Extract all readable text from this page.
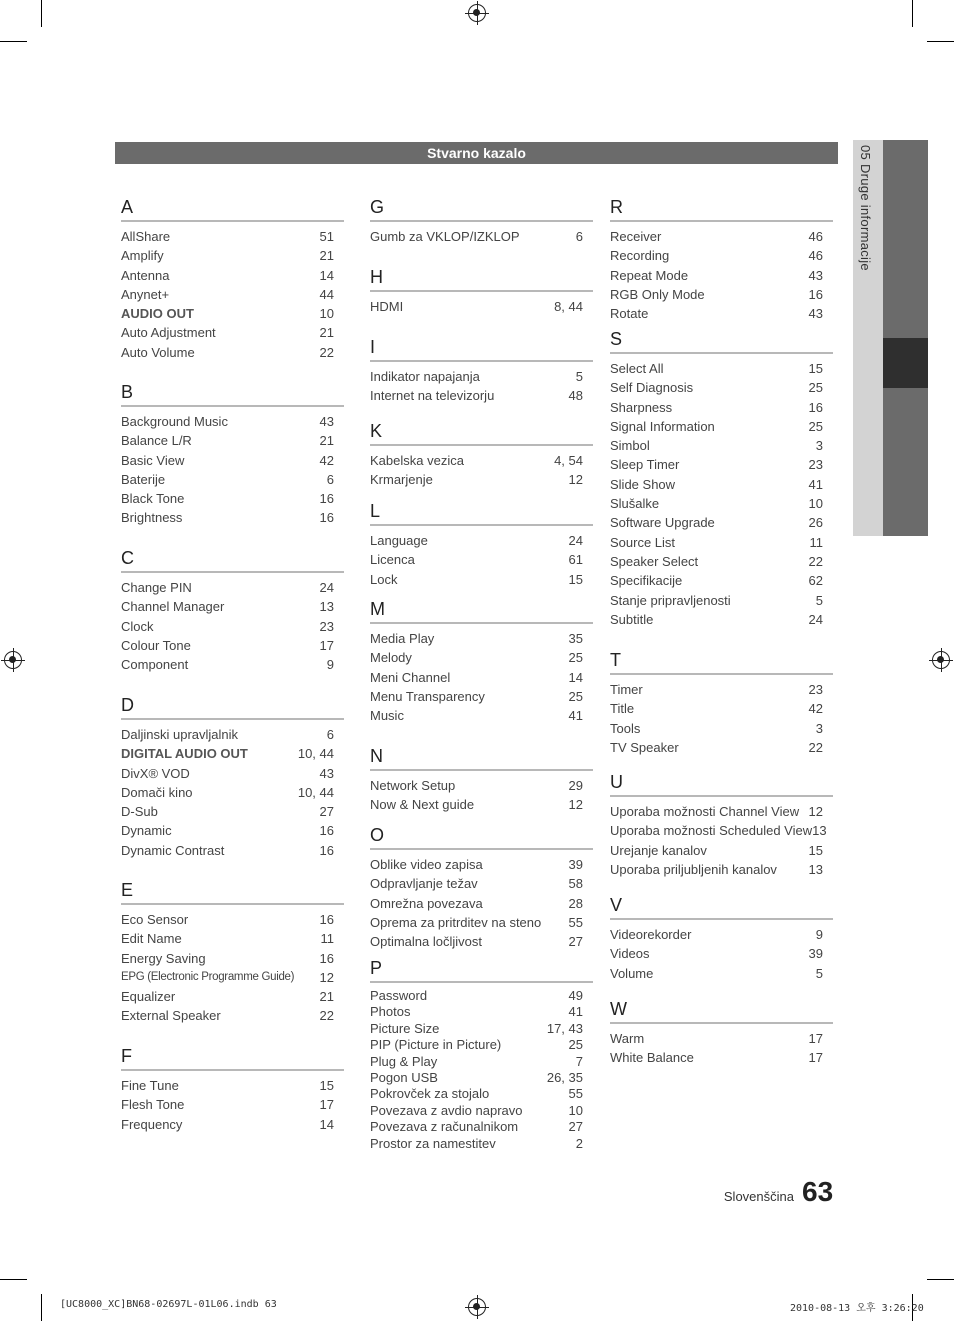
05 Druge informacije
Stvarno kazalo
A
AllShare	51
Amplify	21
Antenna	14
Anynet+	44
AUDIO OUT	10
Auto Adjustment	21
Auto Volume	22
B
Background Music	43
Balance L/R	21
Basic View	42
Baterije	6
Black Tone	16
Brightness	16
C
Change PIN	24
Channel Manager	13
Clock	23
Colour Tone	17
Component	9
D
Daljinski upravljalnik	6
DIGITAL AUDIO OUT	10, 44
DivX® VOD	43
Domači kino	10, 44
D-Sub	27
Dynamic	16
Dynamic Contrast	16
E
Eco Sensor	16
Edit Name	11
Energy Saving	16
EPG (Electronic Programme Guide) 12
Equalizer	21
External Speaker	22
F
Fine Tune	15
Flesh Tone	17
Frequency	14
G
Gumb za VKLOP/IZKLOP	6
H
HDMI	8, 44
I
Indikator napajanja	5
Internet na televizorju	48
K
Kabelska vezica	4, 54
Krmarjenje	12
L
Language	24
Licenca	61
Lock	15
M
Media Play	35
Melody	25
Meni Channel	14
Menu Transparency	25
Music	41
N
Network Setup	29
Now & Next guide	12
O
Oblike video zapisa	39
Odpravljanje težav	58
Omrežna povezava	28
Oprema za pritrditev na steno 55
Optimalna ločljivost	27
P
Password	49
Photos	41
Picture Size	17, 43
PIP (Picture in Picture)	25
Plug & Play	7
Pogon USB	26, 35
Pokrovček za stojalo	55
Povezava z avdio napravo	10
Povezava z računalnikom	27
Prostor za namestitev	2
R
Receiver	46
Recording	46
Repeat Mode	43
RGB Only Mode	16
Rotate	43
S
Select All	15
Self Diagnosis	25
Sharpness	16
Signal Information	25
Simbol	3
Sleep Timer	23
Slide Show	41
Slušalke	10
Software Upgrade	26
Source List	11
Speaker Select	22
Specifikacije	62
Stanje pripravljenosti	5
Subtitle	24
T
Timer	23
Title	42
Tools	3
TV Speaker	22
U
Uporaba možnosti Channel View 12
Uporaba možnosti Scheduled View 13
Urejanje kanalov	15
Uporaba priljubljenih kanalov 13
V
Videorekorder	9
Videos	39
Volume	5
W
Warm	17
White Balance	17
Slovenščina 63
[UC8000_XC]BN68-02697L-01L06.indb 63	2010-08-13 오후 3:26:20
